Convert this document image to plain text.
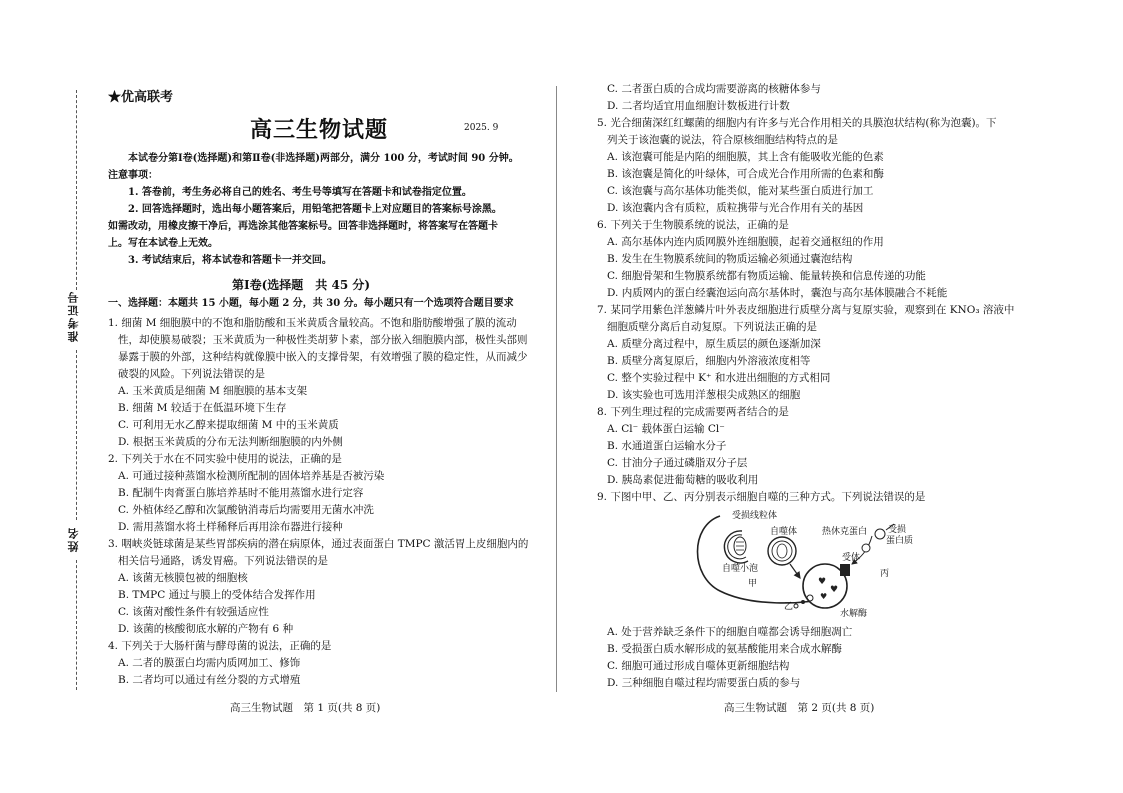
准考证号
姓名
★优高联考
高三生物试题	2025. 9
本试卷分第Ⅰ卷(选择题)和第Ⅱ卷(非选择题)两部分，满分 100 分，考试时间 90 分钟。
注意事项：
1. 答卷前，考生务必将自己的姓名、考生号等填写在答题卡和试卷指定位置。
2. 回答选择题时，选出每小题答案后，用铅笔把答题卡上对应题目的答案标号涂黑。
如需改动，用橡皮擦干净后，再选涂其他答案标号。回答非选择题时，将答案写在答题卡
上。写在本试卷上无效。
3. 考试结束后，将本试卷和答题卡一并交回。
第Ⅰ卷(选择题　共 45 分)
一、选择题：本题共 15 小题，每小题 2 分，共 30 分。每小题只有一个选项符合题目要求
1. 细菌 M 细胞膜中的不饱和脂肪酸和玉米黄质含量较高。不饱和脂肪酸增强了膜的流动
性，却使膜易破裂；玉米黄质为一种极性类胡萝卜素，部分嵌入细胞膜内部，极性头部则
暴露于膜的外部，这种结构就像膜中嵌入的支撑骨架，有效增强了膜的稳定性，从而减少
破裂的风险。下列说法错误的是
A. 玉米黄质是细菌 M 细胞膜的基本支架
B. 细菌 M 较适于在低温环境下生存
C. 可利用无水乙醇来提取细菌 M 中的玉米黄质
D. 根据玉米黄质的分布无法判断细胞膜的内外侧
2. 下列关于水在不同实验中使用的说法，正确的是
A. 可通过接种蒸馏水检测所配制的固体培养基是否被污染
B. 配制牛肉膏蛋白胨培养基时不能用蒸馏水进行定容
C. 外植体经乙醇和次氯酸钠消毒后均需要用无菌水冲洗
D. 需用蒸馏水将土样稀释后再用涂布器进行接种
3. 咽峡炎链球菌是某些胃部疾病的潜在病原体，通过表面蛋白 TMPC 激活胃上皮细胞内的
相关信号通路，诱发胃癌。下列说法错误的是
A. 该菌无核膜包被的细胞核
B. TMPC 通过与膜上的受体结合发挥作用
C. 该菌对酸性条件有较强适应性
D. 该菌的核酸彻底水解的产物有 6 种
4. 下列关于大肠杆菌与酵母菌的说法，正确的是
A. 二者的膜蛋白均需内质网加工、修饰
B. 二者均可以通过有丝分裂的方式增殖
C. 二者蛋白质的合成均需要游离的核糖体参与
D. 二者均适宜用血细胞计数板进行计数
5. 光合细菌深红红螺菌的细胞内有许多与光合作用相关的具膜泡状结构(称为泡囊)。下
列关于该泡囊的说法，符合原核细胞结构特点的是
A. 该泡囊可能是内陷的细胞膜，其上含有能吸收光能的色素
B. 该泡囊是简化的叶绿体，可合成光合作用所需的色素和酶
C. 该泡囊与高尔基体功能类似，能对某些蛋白质进行加工
D. 该泡囊内含有质粒，质粒携带与光合作用有关的基因
6. 下列关于生物膜系统的说法，正确的是
A. 高尔基体内连内质网膜外连细胞膜，起着交通枢纽的作用
B. 发生在生物膜系统间的物质运输必须通过囊泡结构
C. 细胞骨架和生物膜系统都有物质运输、能量转换和信息传递的功能
D. 内质网内的蛋白经囊泡运向高尔基体时，囊泡与高尔基体膜融合不耗能
7. 某同学用紫色洋葱鳞片叶外表皮细胞进行质壁分离与复原实验，观察到在 KNO₃ 溶液中
细胞质壁分离后自动复原。下列说法正确的是
A. 质壁分离过程中，原生质层的颜色逐渐加深
B. 质壁分离复原后，细胞内外溶液浓度相等
C. 整个实验过程中 K⁺ 和水进出细胞的方式相同
D. 该实验也可选用洋葱根尖成熟区的细胞
8. 下列生理过程的完成需要两者结合的是
A. Cl⁻ 载体蛋白运输 Cl⁻
B. 水通道蛋白运输水分子
C. 甘油分子通过磷脂双分子层
D. 胰岛素促进葡萄糖的吸收利用
9. 下图中甲、乙、丙分别表示细胞自噬的三种方式。下列说法错误的是
♥
♥
♥
受损线粒体
自噬体	热休克蛋白 受损
蛋白质
受体
自噬小泡
甲
乙
丙
水解酶
A. 处于营养缺乏条件下的细胞自噬都会诱导细胞凋亡
B. 受损蛋白质水解形成的氨基酸能用来合成水解酶
C. 细胞可通过形成自噬体更新细胞结构
D. 三种细胞自噬过程均需要蛋白质的参与
高三生物试题　第 1 页(共 8 页)	高三生物试题　第 2 页(共 8 页)
